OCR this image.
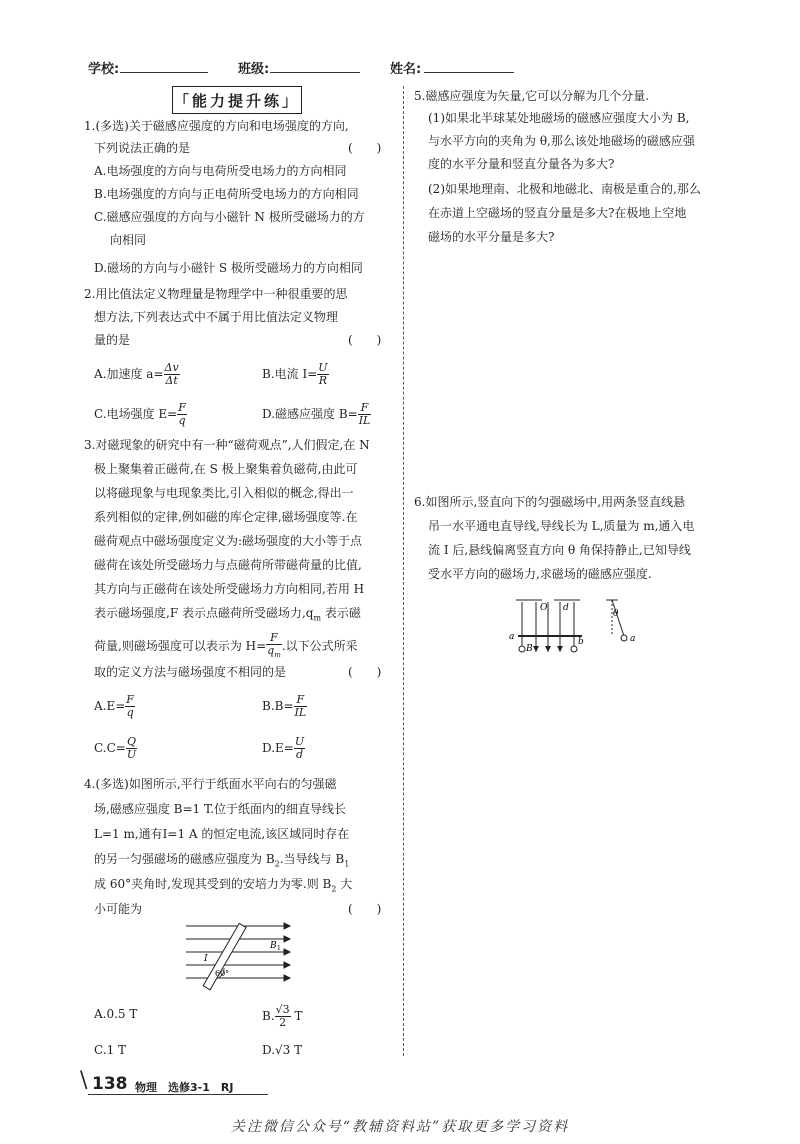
学校:	班级:	姓名:
「能力提升练」
1.(多选)关于磁感应强度的方向和电场强度的方向,
下列说法正确的是	(　　)
A.电场强度的方向与电荷所受电场力的方向相同
B.电场强度的方向与正电荷所受电场力的方向相同
C.磁感应强度的方向与小磁针 N 极所受磁场力的方
向相同
D.磁场的方向与小磁针 S 极所受磁场力的方向相同
2.用比值法定义物理量是物理学中一种很重要的思
想方法,下列表达式中不属于用比值法定义物理
量的是	(　　)
A.加速度 $a= \frac{\Delta v}{\Delta t}$	B.电流 $I= \frac{U}{R}$
C.电场强度 $E= \frac{F}{q}$	D.磁感应强度 $B= \frac{F}{IL}$
3.对磁现象的研究中有一种“磁荷观点”,人们假定,在 N
极上聚集着正磁荷,在 S 极上聚集着负磁荷,由此可
以将磁现象与电现象类比,引入相似的概念,得出一
系列相似的定律,例如磁的库仑定律,磁场强度等.在
磁荷观点中磁场强度定义为:磁场强度的大小等于点
磁荷在该处所受磁场力与点磁荷所带磁荷量的比值,
其方向与正磁荷在该处所受磁场力方向相同,若用 H
表示磁场强度,F 表示点磁荷所受磁场力$,q_m$ 表示磁
荷量,则磁场强度可以表示为 $H= \frac{F}{q_m}$ .以下公式所采
取的定义方法与磁场强度不相同的是	(　　)
$A.E= \frac{F}{q}$	$B.B= \frac{F}{IL}$
$C.C= \frac{Q}{U}$	$D.E= \frac{U}{d}$
4.(多选)如图所示,平行于纸面水平向右的匀强磁
场,磁感应强度 B=1 T.位于纸面内的细直导线长
L=1 m,通有I=1 A 的恒定电流,该区域同时存在
的另一匀强磁场的磁感应强度为 $B_2$.当导线与 $B_1$
成 60°夹角时,发现其受到的安培力为零.则 $B_2$ 大
小可能为	(　　)
I
B 1
60°
A.0.5 T	B. $\frac{√3}{2}$ T
C.1 T	D.√3 T
5.磁感应强度为矢量,它可以分解为几个分量.
(1)如果北半球某处地磁场的磁感应强度大小为 B,
与水平方向的夹角为 θ,那么该处地磁场的磁感应强
度的水平分量和竖直分量各为多大?
(2)如果地理南、北极和地磁北、南极是重合的,那么
在赤道上空磁场的竖直分量是多大?在极地上空地
磁场的水平分量是多大?
6.如图所示,竖直向下的匀强磁场中,用两条竖直线悬
吊一水平通电直导线,导线长为 L,质量为 m,通入电
流 I 后,悬线偏离竖直方向 θ 角保持静止,已知导线
受水平方向的磁场力,求磁场的磁感应强度.
O d
a	b
B
θ
a
\ 138 物理　选修3-1　RJ
关注微信公众号“教辅资料站”获取更多学习资料
